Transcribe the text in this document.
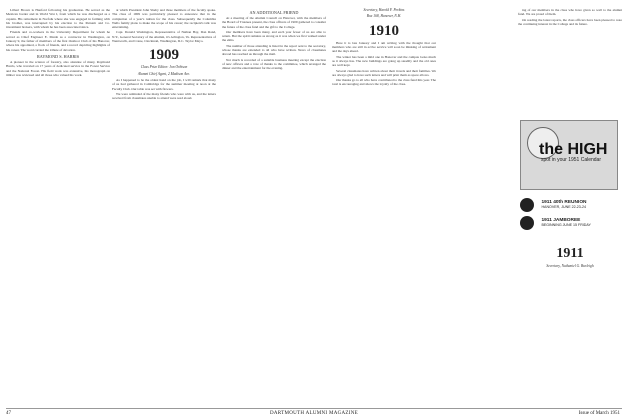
Lilbert Brown is Hanford following his graduation. He served as the Mexican border and in World War I, from which he was discharged as a captain. His retirement in Norfolk where she was engaged in farming with his brother, was interrupted by his election to the Putnam and Co. investment brokers, with whom he has been associated since.

Friends and co-workers in the University Department for whom he served as Chief Engineer E. Marsh as a contractor in Washington, on January 9, the father of members of the first Outdoor Club of his Hanover, where his appointed, a flock of friends, and a record depicting highlights of his career. The word carried the tribute of devotion.

RAYMOND S. HARRIS

A pioneer in the science of forestry, also attendee of many, Raymond Harris, who traveled on 17 years of dedicated service in the Forest Service and the National Forest. His field work was extensive, his monograph on timber was reviewed and all those who valued his work.

at which President John Sheby and three members of the faculty spoke. The class of 1909 was particularly pleased to announce that in the completion of a year's tuition for the class. Subsequently the Columbia Wells family plans to make the scope of his career; the recipient's talk was entertaining.

Capt. Donald Washington, Representative of Nathan Bay, Dan Rand, N.Y., General Secretary of the Alumni, it's Arlington, Va. Representatives of Wentworth, and Crane, Cincinnati, Washington, D.C. Taylor Mayo.

1909

Class Prize Editor: Jon Orbison

Alumni Chief Agent, 2 Madison Ave.

As I happened to be the oldest hand on the job, I will remark that many of us had gathered in Cambridge for the summer meeting at noon at the Faculty Club. Our table was set with flowers.

We were reminded of the many friends who were with us, and the letters received from classmates unable to attend were read aloud.

AN ADDITIONAL FRIEND

At a meeting of the Alumni Council on Hanover, with the members of the Board of Trustees present, the class officers of 1909 gathered to consider the future of the class fund and the gift to the College.

Our members have been many, and each year fewer of us are able to return. But the spirit remains as strong as it was when we first walked under the elms.

The number of those attending is listed in the report sent to the secretary, whose thanks are extended to all who have written. News of classmates abroad has reached us through the mail.

Not much is recorded of a suitable business meeting except the election of new officers and a vote of thanks to the committee, which arranged the dinner and the entertainment for the evening.

Secretary, Harold F. Perkins

Box 168, Hanover, N.H.

1910

Here it is late January and I am writing with the thought that our members who are still in active service will soon be thinking of retirement and the days ahead.

The winter has been a mild one in Hanover and the campus looks much as it always has. The new buildings are going up steadily and the old ones are well kept.

Several classmates have written about their travels and their families. We are always glad to have such letters and will print them as space allows.

Our thanks go to all who have contributed to the class fund this year. The total is encouraging and shows the loyalty of the class.

ing of our members in the class who have given so well to the alumni fund. We are proud of them.

On reading the latest reports, the class officers have been pleased to note the continuing interest in the College and its future.

the HIGH
spot in your 1951 Calendar
1911 40th REUNION
HANOVER, JUNE 22-23-24
1911 JAMBOREE
BEGINNING JUNE 15 FRIDAY
1911

Secretary, Nathaniel G. Burleigh

47	DARTMOUTH ALUMNI MAGAZINE	Issue of March 1951
